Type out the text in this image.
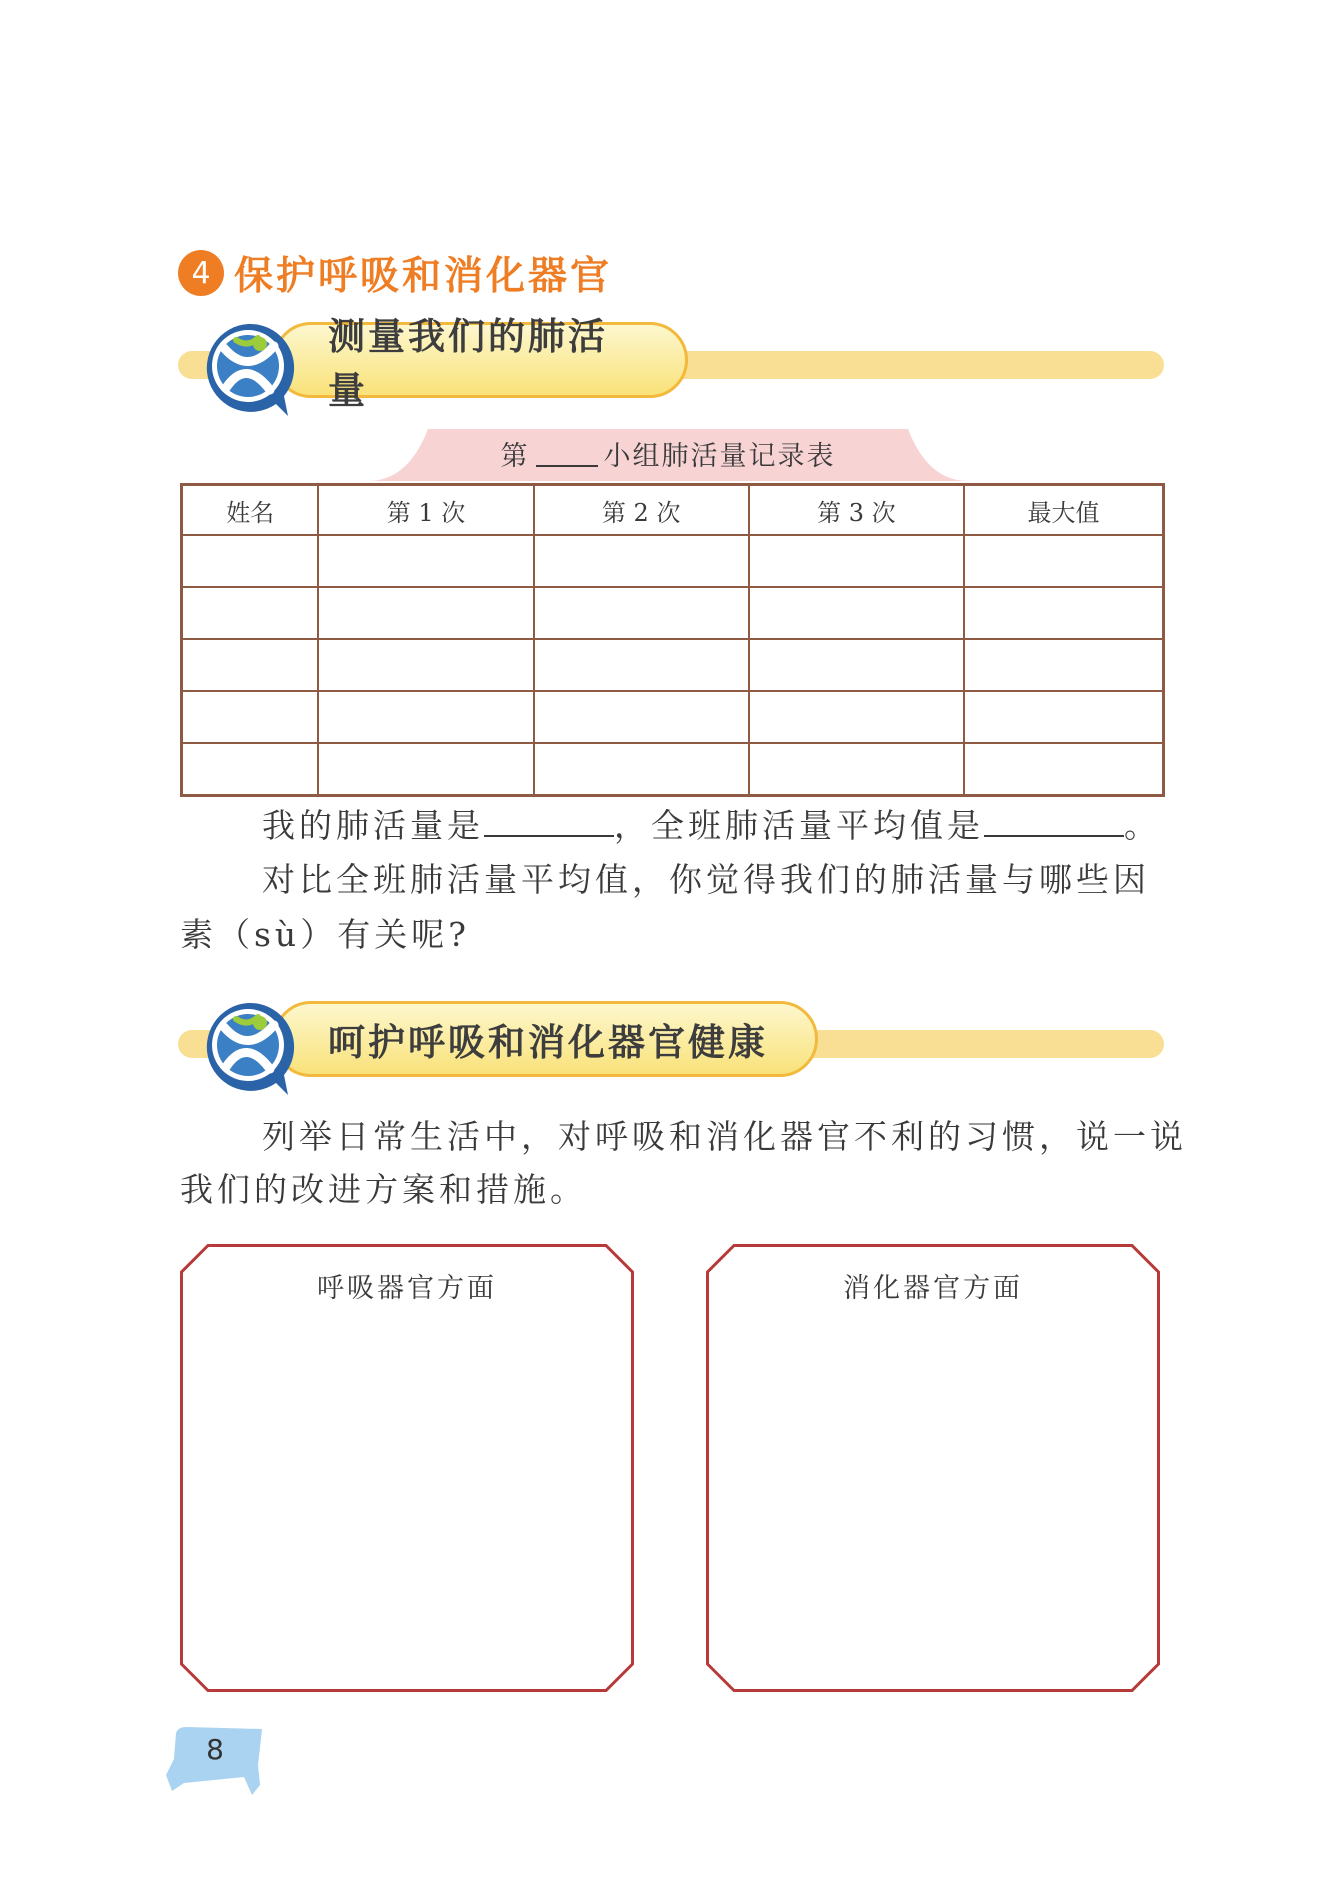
4 保护呼吸和消化器官
测量我们的肺活量
第	小组肺活量记录表
姓名	第 1 次	第 2 次	第 3 次	最大值

我的肺活量是	，全班肺活量平均值是	。
对比全班肺活量平均值，你觉得我们的肺活量与哪些因
素（sù）有关呢?
呵护呼吸和消化器官健康
列举日常生活中，对呼吸和消化器官不利的习惯，说一说
我们的改进方案和措施。
呼吸器官方面	消化器官方面
8
